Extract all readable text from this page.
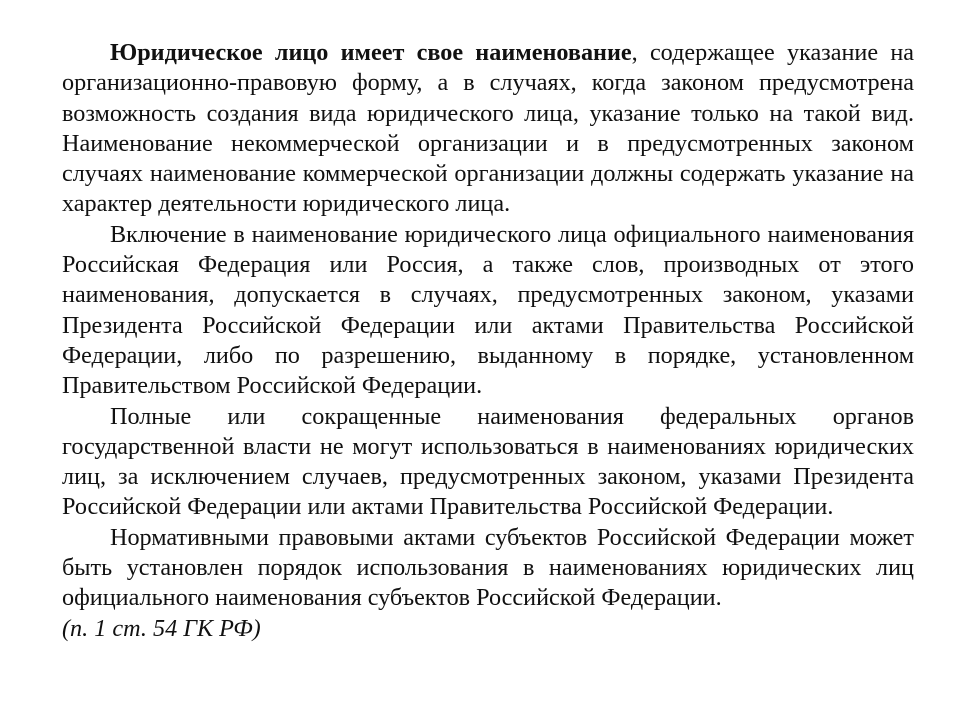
Юридическое лицо имеет свое наименование, содержащее указание на организационно-правовую форму, а в случаях, когда законом предусмотрена возможность создания вида юридического лица, указание только на такой вид. Наименование некоммерческой организации и в предусмотренных законом случаях наименование коммерческой организации должны содержать указание на характер деятельности юридического лица.

Включение в наименование юридического лица официального наименования Российская Федерация или Россия, а также слов, производных от этого наименования, допускается в случаях, предусмотренных законом, указами Президента Российской Федерации или актами Правительства Российской Федерации, либо по разрешению, выданному в порядке, установленном Правительством Российской Федерации.

Полные или сокращенные наименования федеральных органов государственной власти не могут использоваться в наименованиях юридических лиц, за исключением случаев, предусмотренных законом, указами Президента Российской Федерации или актами Правительства Российской Федерации.

Нормативными правовыми актами субъектов Российской Федерации может быть установлен порядок использования в наименованиях юридических лиц официального наименования субъектов Российской Федерации.

(п. 1 ст. 54 ГК РФ)
